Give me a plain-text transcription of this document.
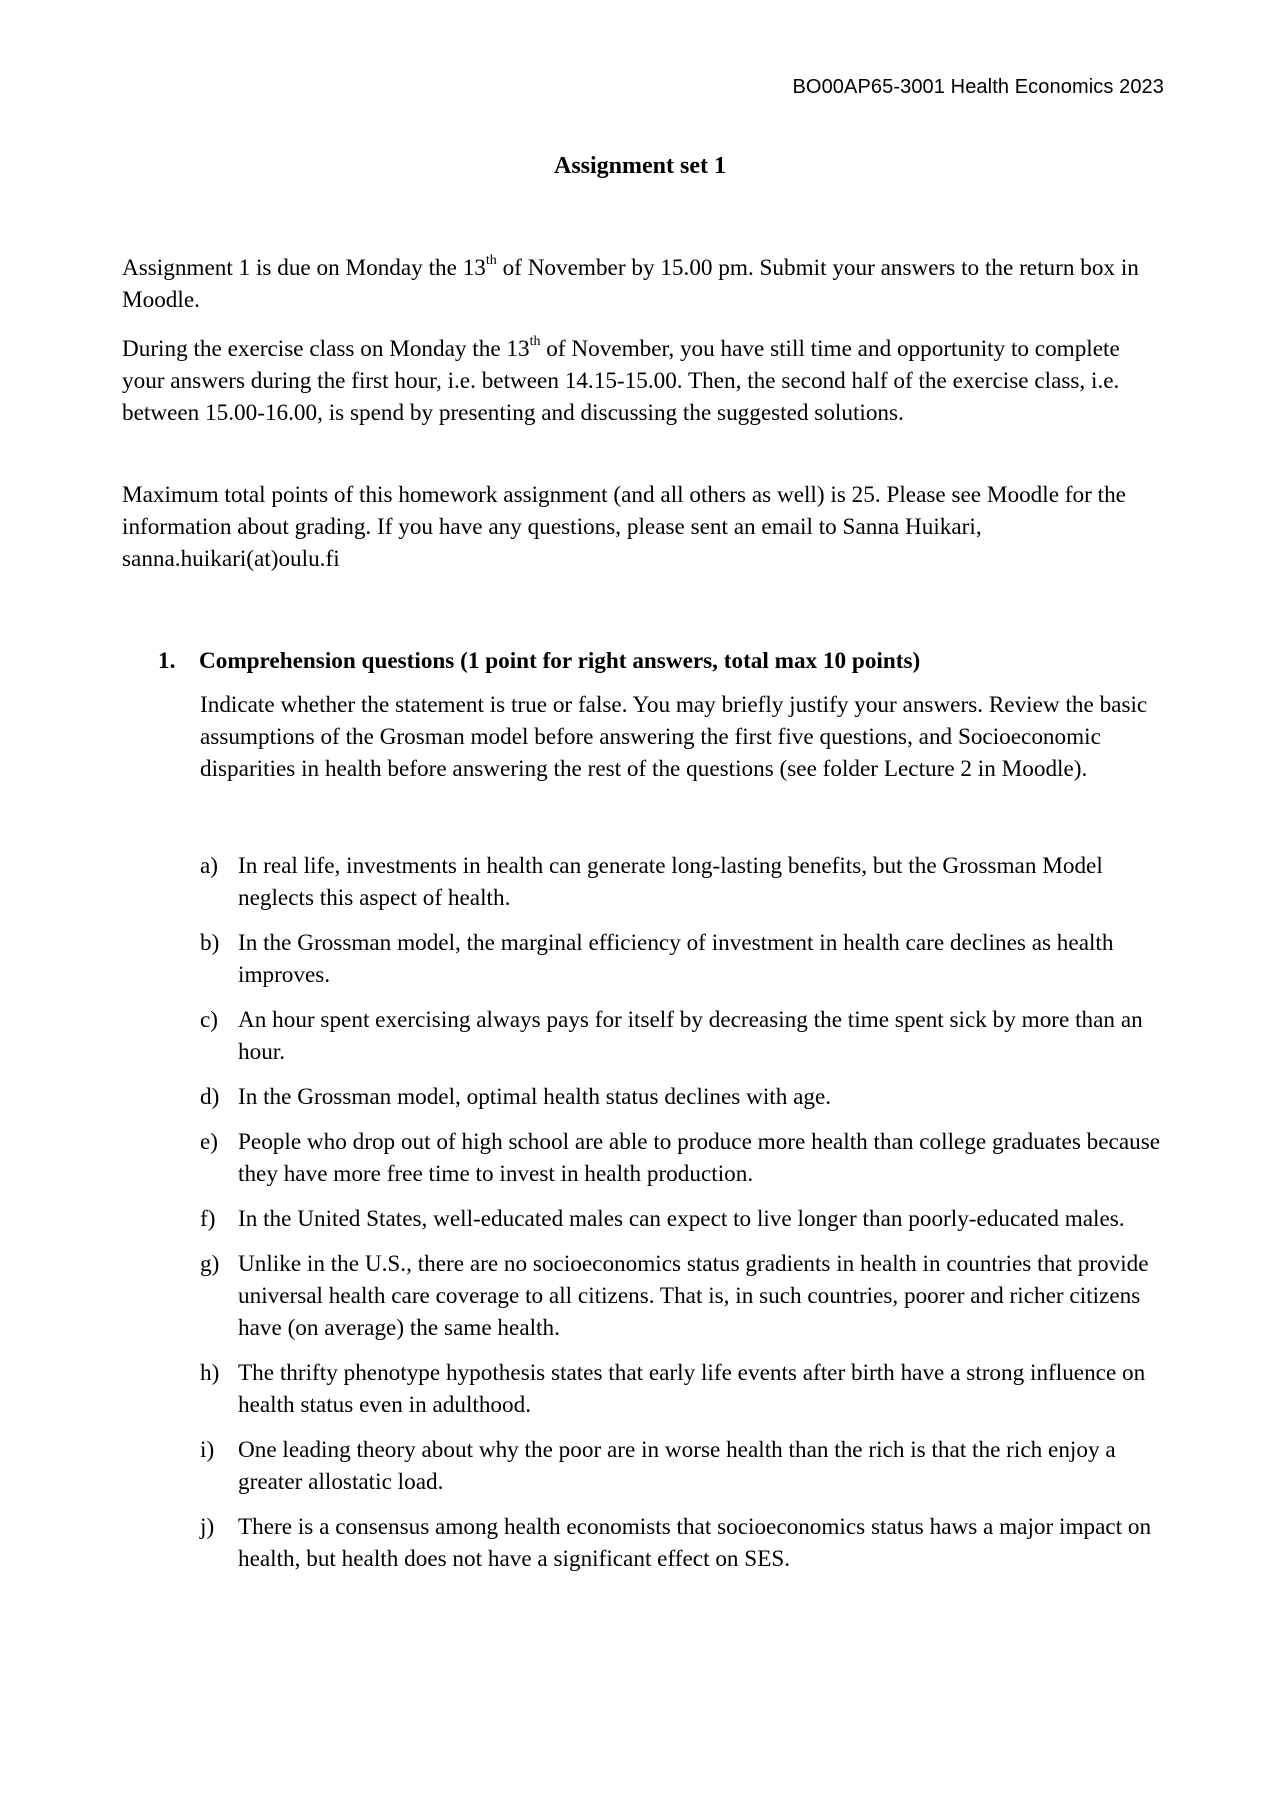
BO00AP65-3001 Health Economics 2023
Assignment set 1
Assignment 1 is due on Monday the 13th of November by 15.00 pm. Submit your answers to the return box in Moodle.
During the exercise class on Monday the 13th of November, you have still time and opportunity to complete your answers during the first hour, i.e. between 14.15-15.00. Then, the second half of the exercise class, i.e. between 15.00-16.00, is spend by presenting and discussing the suggested solutions.
Maximum total points of this homework assignment (and all others as well) is 25. Please see Moodle for the information about grading. If you have any questions, please sent an email to Sanna Huikari, sanna.huikari(at)oulu.fi
1.	Comprehension questions (1 point for right answers, total max 10 points)
Indicate whether the statement is true or false. You may briefly justify your answers. Review the basic assumptions of the Grosman model before answering the first five questions, and Socioeconomic disparities in health before answering the rest of the questions (see folder Lecture 2 in Moodle).
a) In real life, investments in health can generate long-lasting benefits, but the Grossman Model neglects this aspect of health.
b) In the Grossman model, the marginal efficiency of investment in health care declines as health improves.
c) An hour spent exercising always pays for itself by decreasing the time spent sick by more than an hour.
d) In the Grossman model, optimal health status declines with age.
e) People who drop out of high school are able to produce more health than college graduates because they have more free time to invest in health production.
f) In the United States, well-educated males can expect to live longer than poorly-educated males.
g) Unlike in the U.S., there are no socioeconomics status gradients in health in countries that provide universal health care coverage to all citizens. That is, in such countries, poorer and richer citizens have (on average) the same health.
h) The thrifty phenotype hypothesis states that early life events after birth have a strong influence on health status even in adulthood.
i)	One leading theory about why the poor are in worse health than the rich is that the rich enjoy a greater allostatic load.
j)	There is a consensus among health economists that socioeconomics status haws a major impact on health, but health does not have a significant effect on SES.
